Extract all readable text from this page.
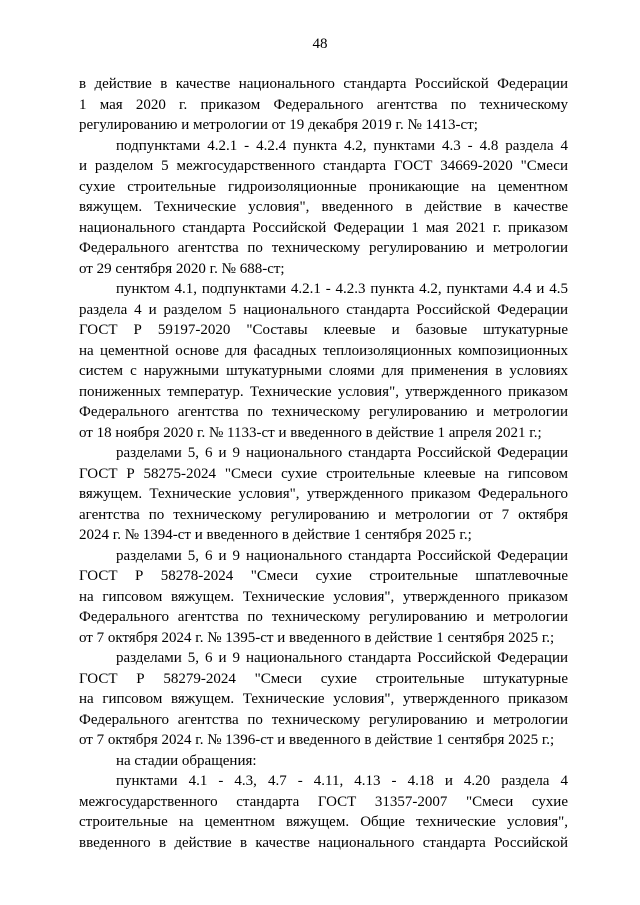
48
в действие в качестве национального стандарта Российской Федерации
1 мая 2020 г. приказом Федерального агентства по техническому
регулированию и метрологии от 19 декабря 2019 г. № 1413-ст;
подпунктами 4.2.1 - 4.2.4 пункта 4.2, пунктами 4.3 - 4.8 раздела 4
и разделом 5 межгосударственного стандарта ГОСТ 34669-2020 "Смеси
сухие строительные гидроизоляционные проникающие на цементном
вяжущем. Технические условия", введенного в действие в качестве
национального стандарта Российской Федерации 1 мая 2021 г. приказом
Федерального агентства по техническому регулированию и метрологии
от 29 сентября 2020 г. № 688-ст;
пунктом 4.1, подпунктами 4.2.1 - 4.2.3 пункта 4.2, пунктами 4.4 и 4.5
раздела 4 и разделом 5 национального стандарта Российской Федерации
ГОСТ Р 59197-2020 "Составы клеевые и базовые штукатурные
на цементной основе для фасадных теплоизоляционных композиционных
систем с наружными штукатурными слоями для применения в условиях
пониженных температур. Технические условия", утвержденного приказом
Федерального агентства по техническому регулированию и метрологии
от 18 ноября 2020 г. № 1133-ст и введенного в действие 1 апреля 2021 г.;
разделами 5, 6 и 9 национального стандарта Российской Федерации
ГОСТ Р 58275-2024 "Смеси сухие строительные клеевые на гипсовом
вяжущем. Технические условия", утвержденного приказом Федерального
агентства по техническому регулированию и метрологии от 7 октября
2024 г. № 1394-ст и введенного в действие 1 сентября 2025 г.;
разделами 5, 6 и 9 национального стандарта Российской Федерации
ГОСТ Р 58278-2024 "Смеси сухие строительные шпатлевочные
на гипсовом вяжущем. Технические условия", утвержденного приказом
Федерального агентства по техническому регулированию и метрологии
от 7 октября 2024 г. № 1395-ст и введенного в действие 1 сентября 2025 г.;
разделами 5, 6 и 9 национального стандарта Российской Федерации
ГОСТ Р 58279-2024 "Смеси сухие строительные штукатурные
на гипсовом вяжущем. Технические условия", утвержденного приказом
Федерального агентства по техническому регулированию и метрологии
от 7 октября 2024 г. № 1396-ст и введенного в действие 1 сентября 2025 г.;
на стадии обращения:
пунктами 4.1 - 4.3, 4.7 - 4.11, 4.13 - 4.18 и 4.20 раздела 4
межгосударственного стандарта ГОСТ 31357-2007 "Смеси сухие
строительные на цементном вяжущем. Общие технические условия",
введенного в действие в качестве национального стандарта Российской
